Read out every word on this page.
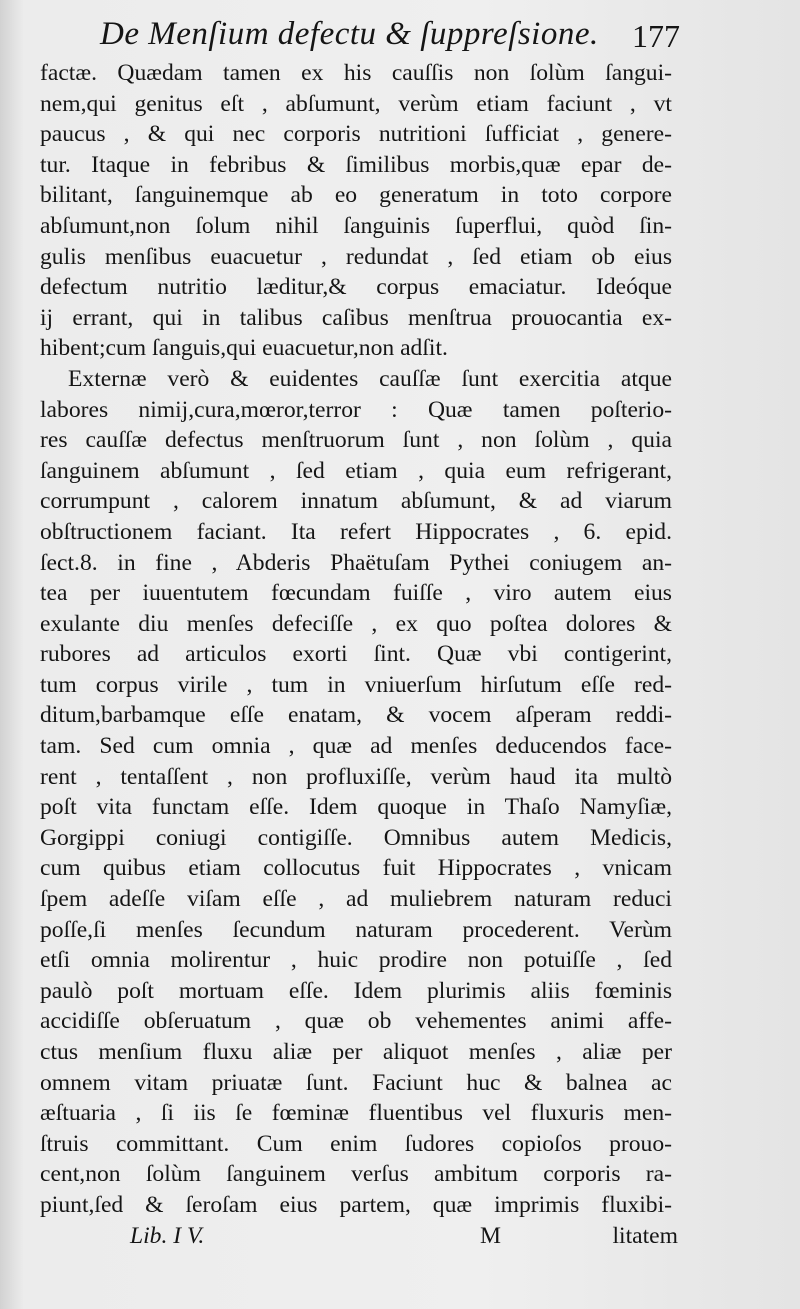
De Menſium defectu & ſuppreſsione. 177
factæ. Quædam tamen ex his cauſſis non ſolùm ſangui-
nem,qui genitus eſt , abſumunt, verùm etiam faciunt , vt
paucus , & qui nec corporis nutritioni ſufficiat , genere-
tur. Itaque in febribus & ſimilibus morbis,quæ epar de-
bilitant, ſanguinemque ab eo generatum in toto corpore
abſumunt,non ſolum nihil ſanguinis ſuperflui, quòd ſin-
gulis menſibus euacuetur , redundat , ſed etiam ob eius
defectum nutritio læditur,& corpus emaciatur. Ideóque
ij errant, qui in talibus caſibus menſtrua prouocantia ex-
hibent;cum ſanguis,qui euacuetur,non adſit.
Externæ verò & euidentes cauſſæ ſunt exercitia atque
labores nimij,cura,mœror,terror : Quæ tamen poſterio-
res cauſſæ defectus menſtruorum ſunt , non ſolùm , quia
ſanguinem abſumunt , ſed etiam , quia eum refrigerant,
corrumpunt , calorem innatum abſumunt, & ad viarum
obſtructionem faciant. Ita refert Hippocrates , 6. epid.
ſect.8. in fine , Abderis Phaëtuſam Pythei coniugem an-
tea per iuuentutem fœcundam fuiſſe , viro autem eius
exulante diu menſes defeciſſe , ex quo poſtea dolores &
rubores ad articulos exorti ſint. Quæ vbi contigerint,
tum corpus virile , tum in vniuerſum hirſutum eſſe red-
ditum,barbamque eſſe enatam, & vocem aſperam reddi-
tam. Sed cum omnia , quæ ad menſes deducendos face-
rent , tentaſſent , non profluxiſſe, verùm haud ita multò
poſt vita functam eſſe. Idem quoque in Thaſo Namyſiæ,
Gorgippi coniugi contigiſſe. Omnibus autem Medicis,
cum quibus etiam collocutus fuit Hippocrates , vnicam
ſpem adeſſe viſam eſſe , ad muliebrem naturam reduci
poſſe,ſi menſes ſecundum naturam procederent. Verùm
etſi omnia molirentur , huic prodire non potuiſſe , ſed
paulò poſt mortuam eſſe. Idem plurimis aliis fœminis
accidiſſe obſeruatum , quæ ob vehementes animi affe-
ctus menſium fluxu aliæ per aliquot menſes , aliæ per
omnem vitam priuatæ ſunt. Faciunt huc & balnea ac
æſtuaria , ſi iis ſe fœminæ fluentibus vel fluxuris men-
ſtruis committant. Cum enim ſudores copioſos prouo-
cent,non ſolùm ſanguinem verſus ambitum corporis ra-
piunt,ſed & ſeroſam eius partem, quæ imprimis fluxibi-

Lib. I V.	M	litatem
